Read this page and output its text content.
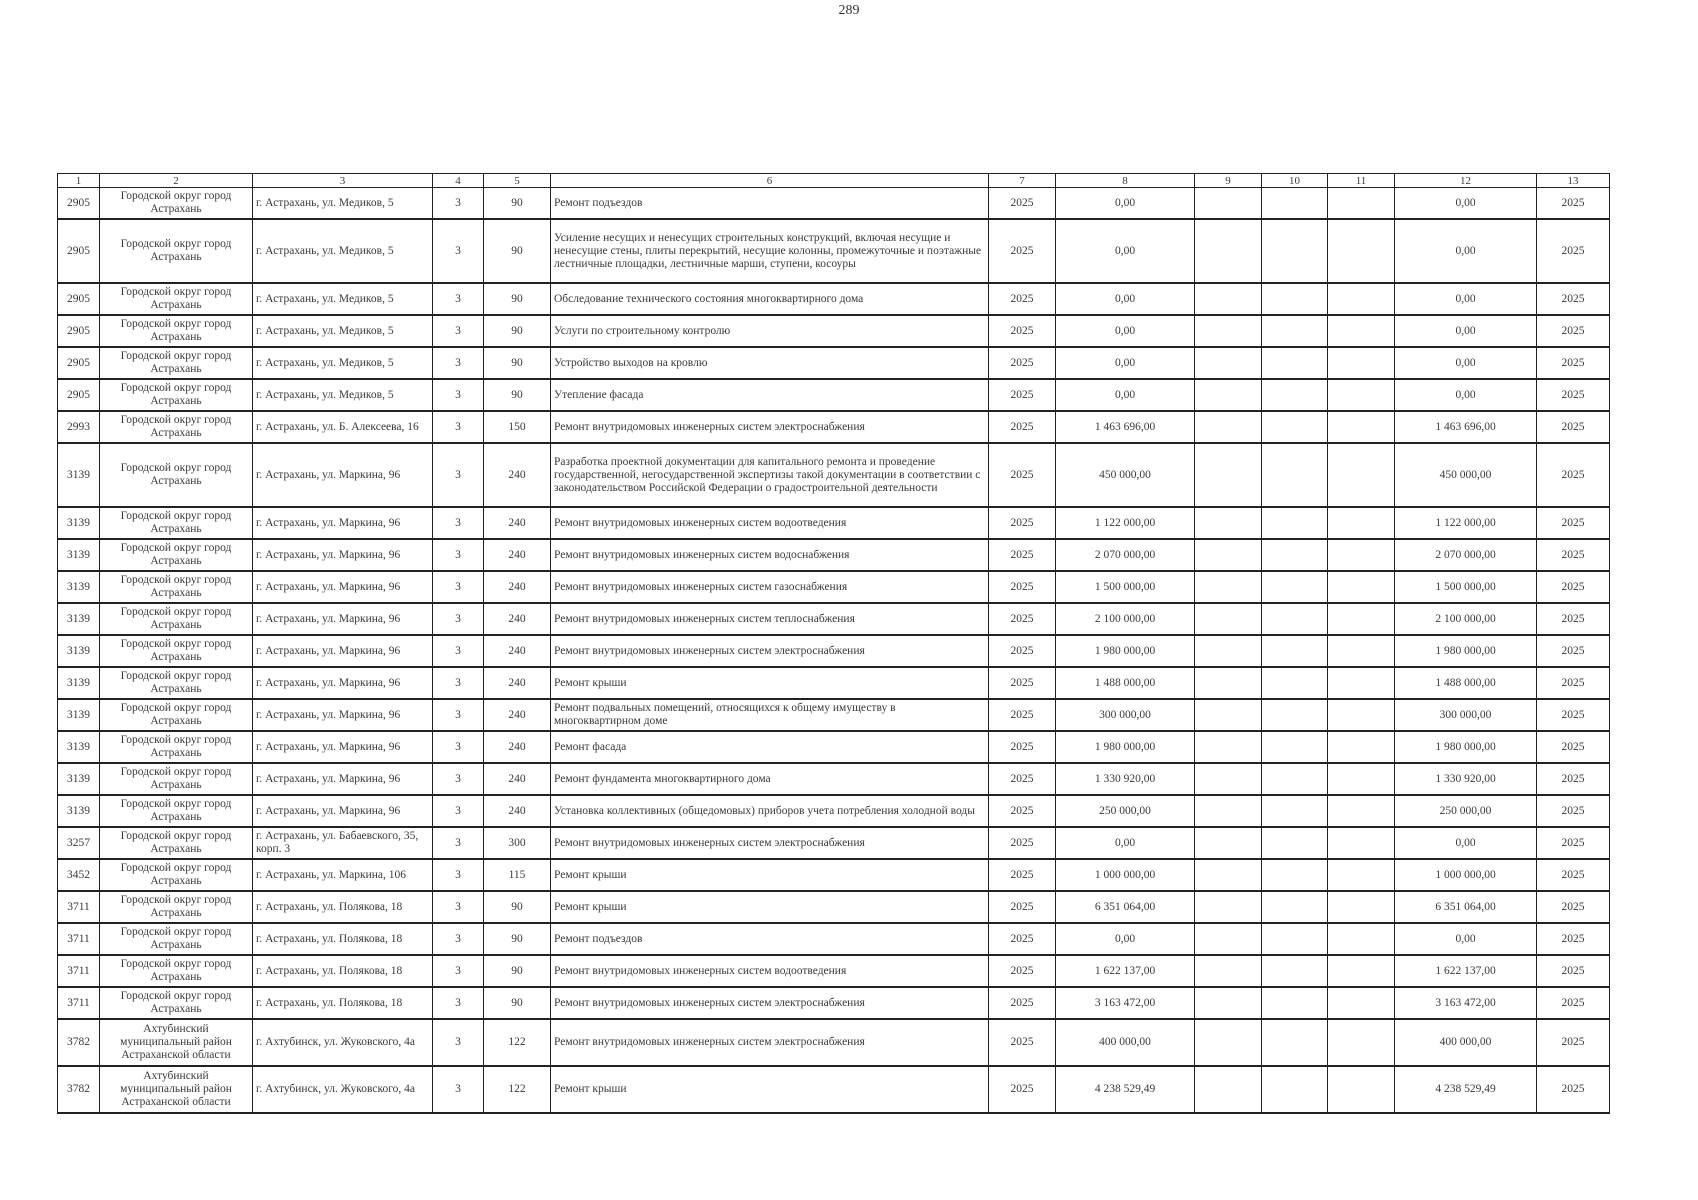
289
1	2	3	4	5	6	7	8	9	10	11	12	13
2905	Городской округ город Астрахань	г. Астрахань, ул. Медиков, 5	3	90	Ремонт подъездов	2025	0,00				0,00	2025
2905	Городской округ город Астрахань	г. Астрахань, ул. Медиков, 5	3	90	Усиление несущих и ненесущих строительных конструкций, включая несущие и ненесущие стены, плиты перекрытий, несущие колонны, промежуточные и поэтажные лестничные площадки, лестничные марши, ступени, косоуры	2025	0,00				0,00	2025
2905	Городской округ город Астрахань	г. Астрахань, ул. Медиков, 5	3	90	Обследование технического состояния многоквартирного дома	2025	0,00				0,00	2025
2905	Городской округ город Астрахань	г. Астрахань, ул. Медиков, 5	3	90	Услуги по строительному контролю	2025	0,00				0,00	2025
2905	Городской округ город Астрахань	г. Астрахань, ул. Медиков, 5	3	90	Устройство выходов на кровлю	2025	0,00				0,00	2025
2905	Городской округ город Астрахань	г. Астрахань, ул. Медиков, 5	3	90	Утепление фасада	2025	0,00				0,00	2025
2993	Городской округ город Астрахань	г. Астрахань, ул. Б. Алексеева, 16	3	150	Ремонт внутридомовых инженерных систем электроснабжения	2025	1 463 696,00				1 463 696,00	2025
3139	Городской округ город Астрахань	г. Астрахань, ул. Маркина, 96	3	240	Разработка проектной документации для капитального ремонта и проведение государственной, негосударственной экспертизы такой документации в соответствии с законодательством Российской Федерации о градостроительной деятельности	2025	450 000,00				450 000,00	2025
3139	Городской округ город Астрахань	г. Астрахань, ул. Маркина, 96	3	240	Ремонт внутридомовых инженерных систем водоотведения	2025	1 122 000,00				1 122 000,00	2025
3139	Городской округ город Астрахань	г. Астрахань, ул. Маркина, 96	3	240	Ремонт внутридомовых инженерных систем водоснабжения	2025	2 070 000,00				2 070 000,00	2025
3139	Городской округ город Астрахань	г. Астрахань, ул. Маркина, 96	3	240	Ремонт внутридомовых инженерных систем газоснабжения	2025	1 500 000,00				1 500 000,00	2025
3139	Городской округ город Астрахань	г. Астрахань, ул. Маркина, 96	3	240	Ремонт внутридомовых инженерных систем теплоснабжения	2025	2 100 000,00				2 100 000,00	2025
3139	Городской округ город Астрахань	г. Астрахань, ул. Маркина, 96	3	240	Ремонт внутридомовых инженерных систем электроснабжения	2025	1 980 000,00				1 980 000,00	2025
3139	Городской округ город Астрахань	г. Астрахань, ул. Маркина, 96	3	240	Ремонт крыши	2025	1 488 000,00				1 488 000,00	2025
3139	Городской округ город Астрахань	г. Астрахань, ул. Маркина, 96	3	240	Ремонт подвальных помещений, относящихся к общему имуществу в многоквартирном доме	2025	300 000,00				300 000,00	2025
3139	Городской округ город Астрахань	г. Астрахань, ул. Маркина, 96	3	240	Ремонт фасада	2025	1 980 000,00				1 980 000,00	2025
3139	Городской округ город Астрахань	г. Астрахань, ул. Маркина, 96	3	240	Ремонт фундамента многоквартирного дома	2025	1 330 920,00				1 330 920,00	2025
3139	Городской округ город Астрахань	г. Астрахань, ул. Маркина, 96	3	240	Установка коллективных (общедомовых) приборов учета потребления холодной воды	2025	250 000,00				250 000,00	2025
3257	Городской округ город Астрахань	г. Астрахань, ул. Бабаевского, 35, корп. 3	3	300	Ремонт внутридомовых инженерных систем электроснабжения	2025	0,00				0,00	2025
3452	Городской округ город Астрахань	г. Астрахань, ул. Маркина, 106	3	115	Ремонт крыши	2025	1 000 000,00				1 000 000,00	2025
3711	Городской округ город Астрахань	г. Астрахань, ул. Полякова, 18	3	90	Ремонт крыши	2025	6 351 064,00				6 351 064,00	2025
3711	Городской округ город Астрахань	г. Астрахань, ул. Полякова, 18	3	90	Ремонт подъездов	2025	0,00				0,00	2025
3711	Городской округ город Астрахань	г. Астрахань, ул. Полякова, 18	3	90	Ремонт внутридомовых инженерных систем водоотведения	2025	1 622 137,00				1 622 137,00	2025
3711	Городской округ город Астрахань	г. Астрахань, ул. Полякова, 18	3	90	Ремонт внутридомовых инженерных систем электроснабжения	2025	3 163 472,00				3 163 472,00	2025
3782	Ахтубинский муниципальный район Астраханской области	г. Ахтубинск, ул. Жуковского, 4а	3	122	Ремонт внутридомовых инженерных систем электроснабжения	2025	400 000,00				400 000,00	2025
3782	Ахтубинский муниципальный район Астраханской области	г. Ахтубинск, ул. Жуковского, 4а	3	122	Ремонт крыши	2025	4 238 529,49				4 238 529,49	2025
